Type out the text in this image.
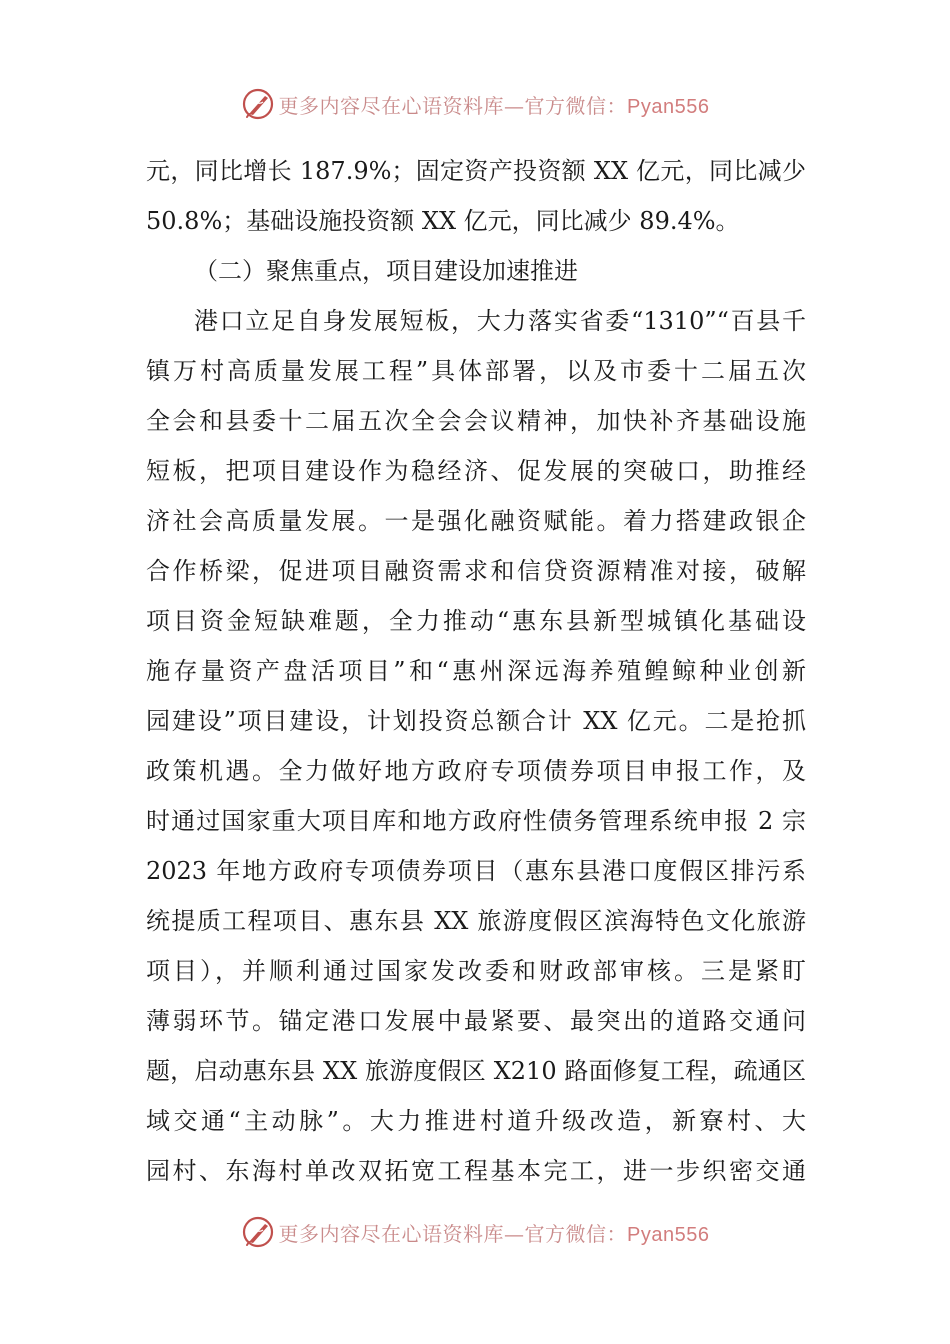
更多内容尽在心语资料库—官方微信：Pyan556
元，同比增长 187.9%；固定资产投资额 XX 亿元，同比减少
50.8%；基础设施投资额 XX 亿元，同比减少 89.4%。
（二）聚焦重点，项目建设加速推进
港口立足自身发展短板，大力落实省委“1310”“百县千
镇万村高质量发展工程”具体部署，以及市委十二届五次
全会和县委十二届五次全会会议精神，加快补齐基础设施
短板，把项目建设作为稳经济、促发展的突破口，助推经
济社会高质量发展。一是强化融资赋能。着力搭建政银企
合作桥梁，促进项目融资需求和信贷资源精准对接，破解
项目资金短缺难题，全力推动“惠东县新型城镇化基础设
施存量资产盘活项目”和“惠州深远海养殖鳇鲸种业创新
园建设”项目建设，计划投资总额合计 XX 亿元。二是抢抓
政策机遇。全力做好地方政府专项债券项目申报工作，及
时通过国家重大项目库和地方政府性债务管理系统申报 2 宗
2023 年地方政府专项债券项目（惠东县港口度假区排污系
统提质工程项目、惠东县 XX 旅游度假区滨海特色文化旅游
项目），并顺利通过国家发改委和财政部审核。三是紧盯
薄弱环节。锚定港口发展中最紧要、最突出的道路交通问
题，启动惠东县 XX 旅游度假区 X210 路面修复工程，疏通区
域交通“主动脉”。大力推进村道升级改造，新寮村、大
园村、东海村单改双拓宽工程基本完工，进一步织密交通
更多内容尽在心语资料库—官方微信：Pyan556
